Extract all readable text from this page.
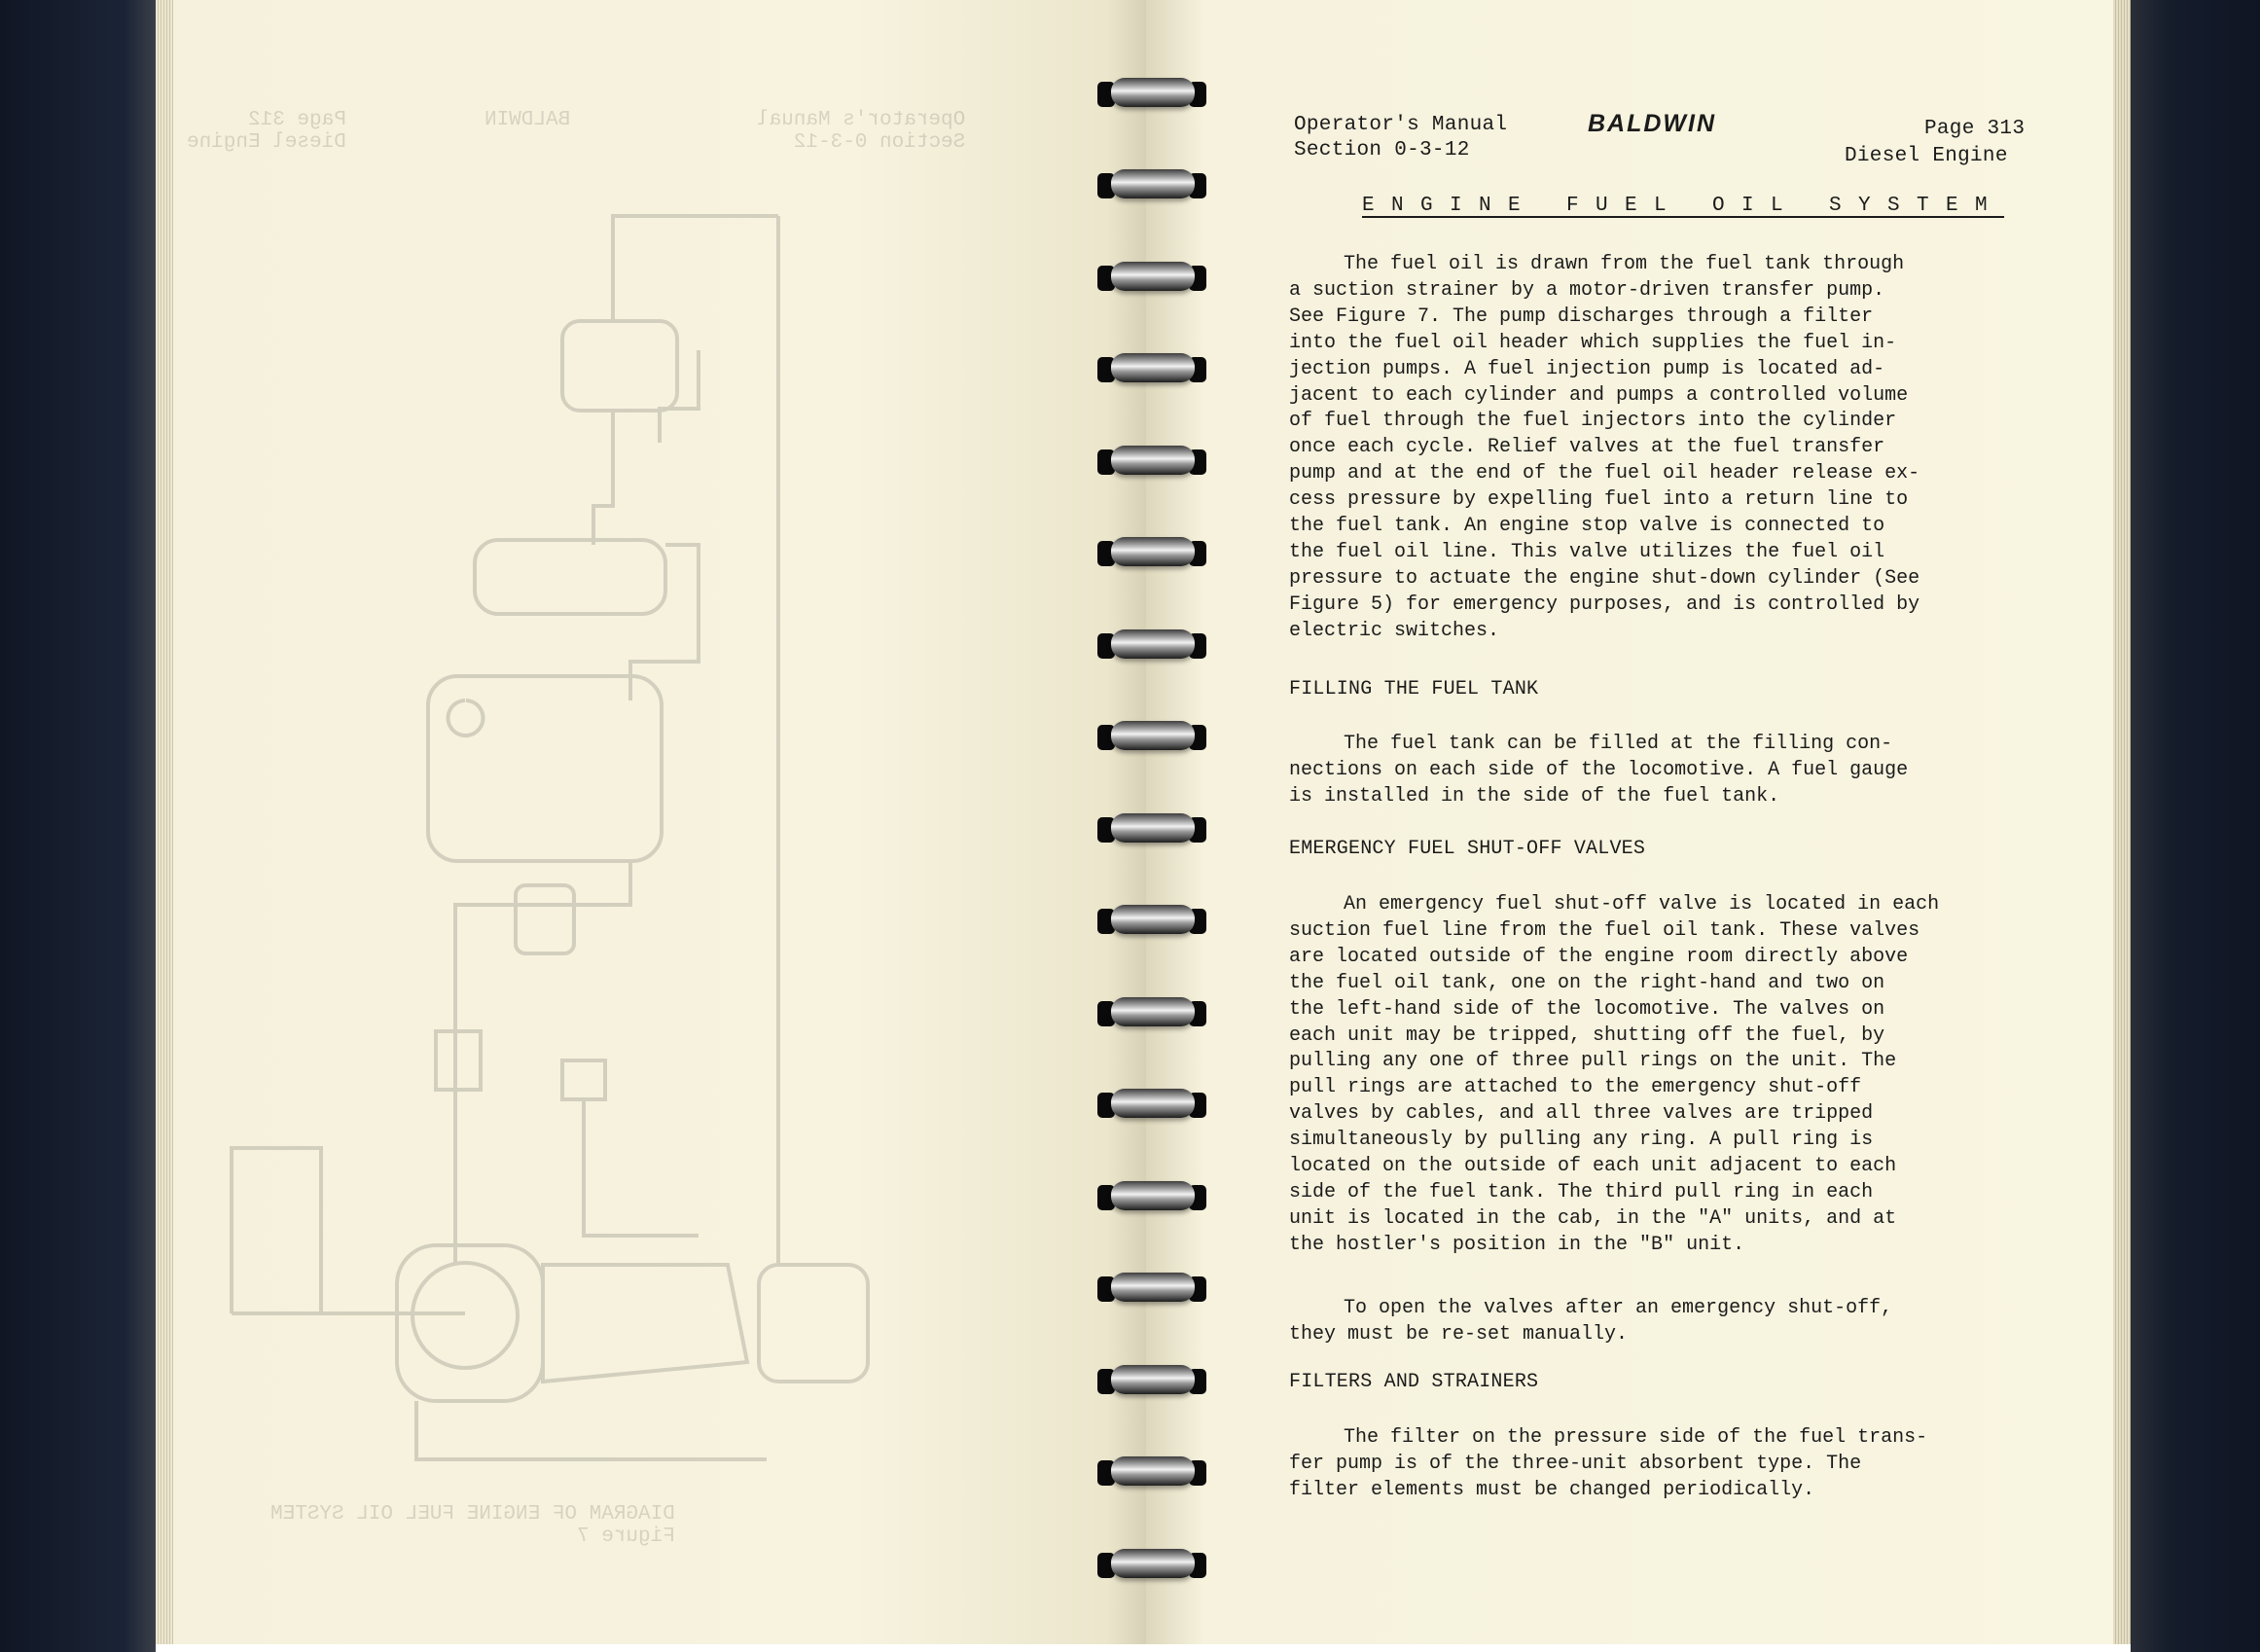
Page 312
Diesel Engine
BALDWIN	Operator's Manual
Section 0-3-12
DIAGRAM OF ENGINE FUEL OIL SYSTEM
Figure 7
Operator's Manual
Section 0-3-12
BALDWIN	Page 313
Diesel Engine
ENGINE FUEL OIL SYSTEM
The fuel oil is drawn from the fuel tank through
a suction strainer by a motor-driven transfer pump.
See Figure 7. The pump discharges through a filter
into the fuel oil header which supplies the fuel in-
jection pumps. A fuel injection pump is located ad-
jacent to each cylinder and pumps a controlled volume
of fuel through the fuel injectors into the cylinder
once each cycle. Relief valves at the fuel transfer
pump and at the end of the fuel oil header release ex-
cess pressure by expelling fuel into a return line to
the fuel tank. An engine stop valve is connected to
the fuel oil line. This valve utilizes the fuel oil
pressure to actuate the engine shut-down cylinder (See
Figure 5) for emergency purposes, and is controlled by
electric switches.
FILLING THE FUEL TANK
The fuel tank can be filled at the filling con-
nections on each side of the locomotive. A fuel gauge
is installed in the side of the fuel tank.
EMERGENCY FUEL SHUT-OFF VALVES
An emergency fuel shut-off valve is located in each
suction fuel line from the fuel oil tank. These valves
are located outside of the engine room directly above
the fuel oil tank, one on the right-hand and two on
the left-hand side of the locomotive. The valves on
each unit may be tripped, shutting off the fuel, by
pulling any one of three pull rings on the unit. The
pull rings are attached to the emergency shut-off
valves by cables, and all three valves are tripped
simultaneously by pulling any ring. A pull ring is
located on the outside of each unit adjacent to each
side of the fuel tank. The third pull ring in each
unit is located in the cab, in the "A" units, and at
the hostler's position in the "B" unit.
To open the valves after an emergency shut-off,
they must be re-set manually.
FILTERS AND STRAINERS
The filter on the pressure side of the fuel trans-
fer pump is of the three-unit absorbent type. The
filter elements must be changed periodically.
